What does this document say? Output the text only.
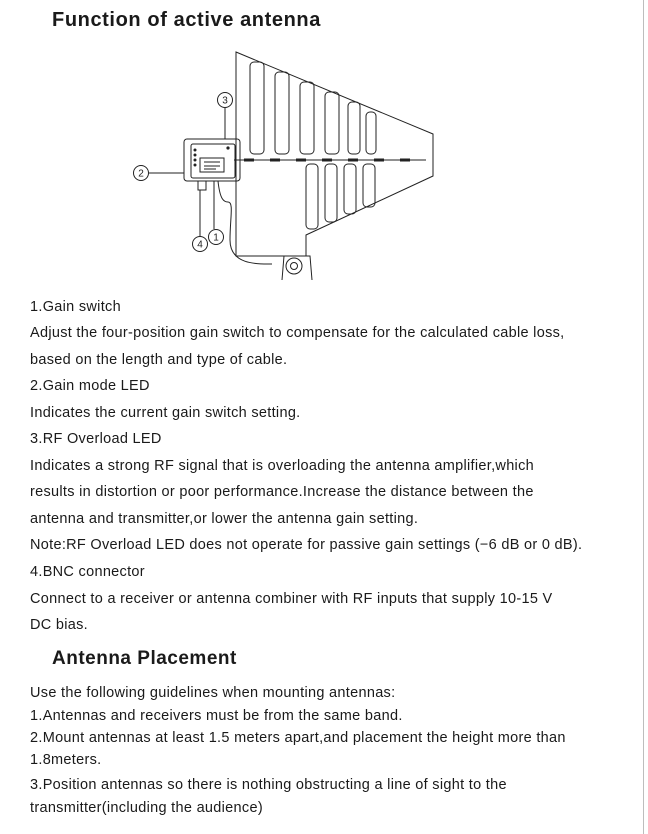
Function of active antenna
1
2
3
4
1.Gain switch
Adjust the four-position gain switch to compensate for the calculated cable loss,
based on the length and type of cable.
2.Gain mode LED
Indicates the current gain switch setting.
3.RF Overload LED
Indicates a strong RF signal that is overloading the antenna amplifier,which
results in distortion or poor performance.Increase the distance between the
antenna and transmitter,or lower the antenna gain setting.
Note:RF Overload LED does not operate for passive gain settings (−6 dB or 0 dB).
4.BNC connector
Connect to a receiver or antenna combiner with RF inputs that supply 10-15 V
DC bias.
Antenna Placement
Use the following guidelines when mounting antennas:
1.Antennas and receivers must be from the same band.
2.Mount antennas at least 1.5 meters apart,and placement the height more than
1.8meters.
3.Position antennas so there is nothing obstructing a line of sight to the
transmitter(including the audience)
